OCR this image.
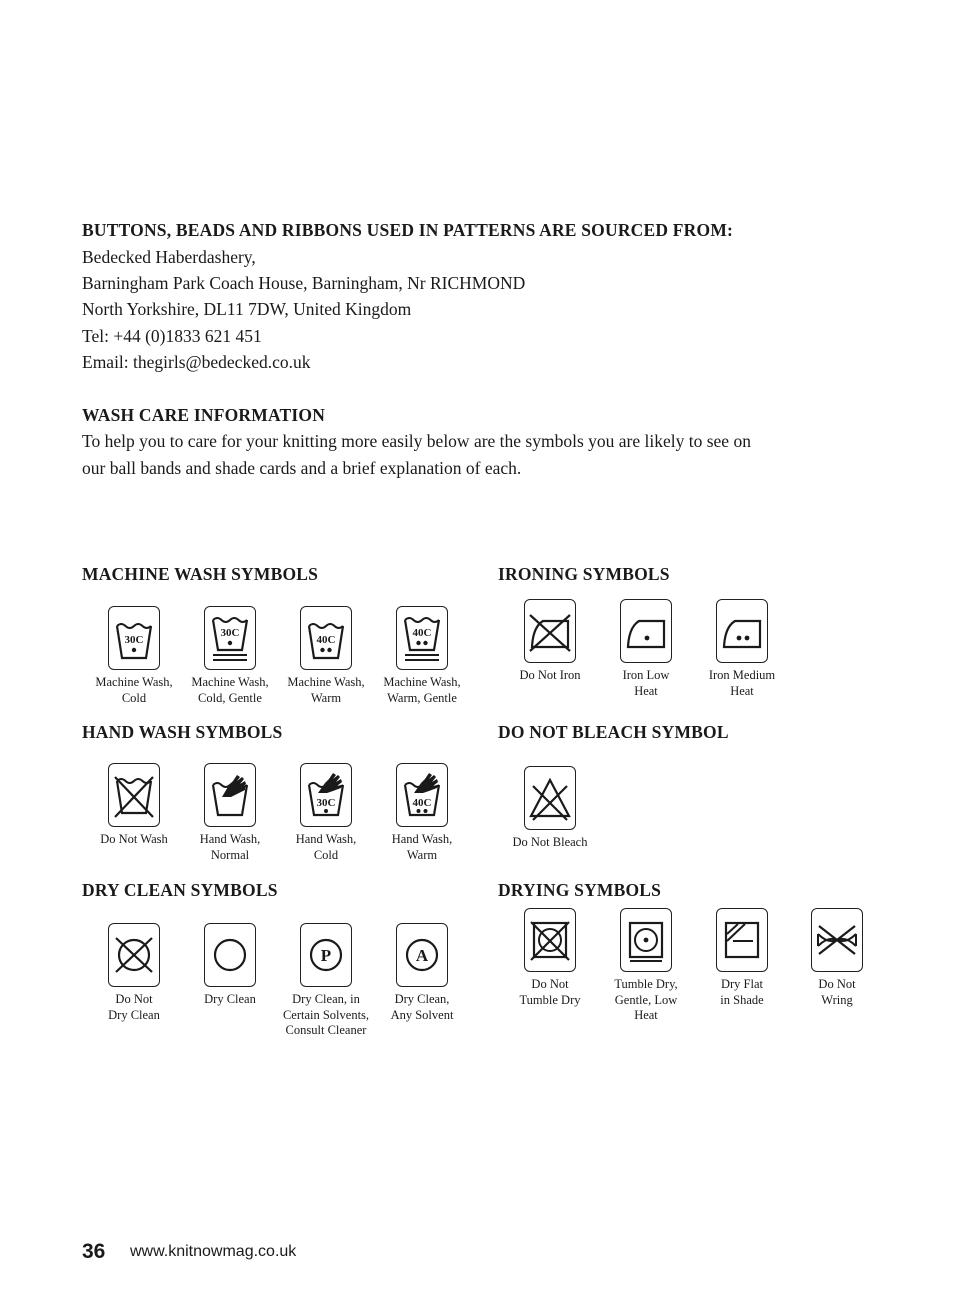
BUTTONS, BEADS AND RIBBONS USED IN PATTERNS ARE SOURCED FROM:
Bedecked Haberdashery,
Barningham Park Coach House, Barningham, Nr RICHMOND
North Yorkshire, DL11 7DW, United Kingdom
Tel: +44 (0)1833 621 451
Email: thegirls@bedecked.co.uk
WASH CARE INFORMATION
To help you to care for your knitting more easily below are the symbols you are likely to see on
our ball bands and shade cards and a brief explanation of each.
MACHINE WASH SYMBOLS	IRONING SYMBOLS
HAND WASH SYMBOLS	DO NOT BLEACH SYMBOL
DRY CLEAN SYMBOLS	DRYING SYMBOLS
30C
Machine Wash,
Cold
30C
Machine Wash,
Cold, Gentle
40C
Machine Wash,
Warm
40C
Machine Wash,
Warm, Gentle
Do Not Iron	Iron Low
Heat
Iron Medium
Heat
Do Not Wash	Hand Wash,
Normal
30C
Hand Wash,
Cold
40C
Hand Wash,
Warm
Do Not Bleach
Do Not
Dry Clean
Dry Clean
P
Dry Clean, in
Certain Solvents,
Consult Cleaner
A
Dry Clean,
Any Solvent
Do Not
Tumble Dry
Tumble Dry,
Gentle, Low
Heat
Dry Flat
in Shade
Do Not
Wring
36 www.knitnowmag.co.uk
